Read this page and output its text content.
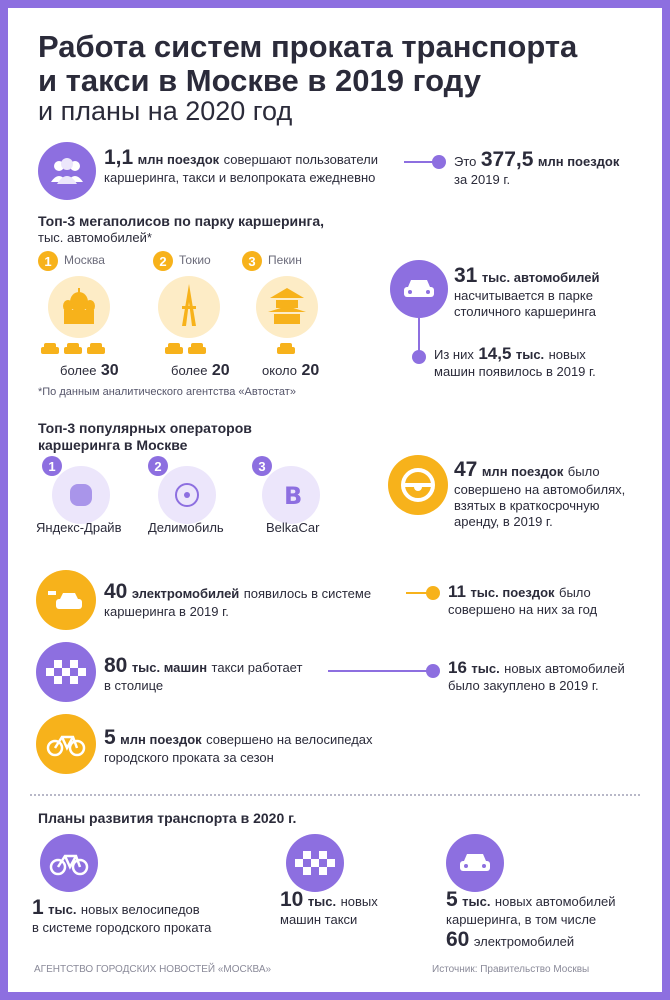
Работа систем проката транспорта
и такси в Москве в 2019 году
и планы на 2020 год
1,1 млн поездок совершают пользователи
каршеринга, такси и велопроката ежедневно
Это 377,5 млн поездок
за 2019 г.
Топ-3 мегаполисов по парку каршеринга,
тыс. автомобилей*
1	Москва
более 30
2	Токио
более 20
3	Пекин
около 20
*По данным аналитического агентства «Автостат»
31 тыс. автомобилей
насчитывается в парке
столичного каршеринга
Из них 14,5 тыс. новых
машин появилось в 2019 г.
Топ-3 популярных операторов
каршеринга в Москве
1
Яндекс-Драйв
2
Делимобиль
3
B
BelkaCar
47 млн поездок было
совершено на автомобилях,
взятых в краткосрочную
аренду, в 2019 г.
40 электромобилей появилось в системе
каршеринга в 2019 г.
11 тыс. поездок было
совершено на них за год
80 тыс. машин такси работает
в столице
16 тыс. новых автомобилей
было закуплено в 2019 г.
5 млн поездок совершено на велосипедах
городского проката за сезон
Планы развития транспорта в 2020 г.
1 тыс. новых велосипедов
в системе городского проката
10 тыс. новых
машин такси
5 тыс. новых автомобилей
каршеринга, в том числе
60 электромобилей
АГЕНТСТВО ГОРОДСКИХ НОВОСТЕЙ «МОСКВА»	Источник: Правительство Москвы
